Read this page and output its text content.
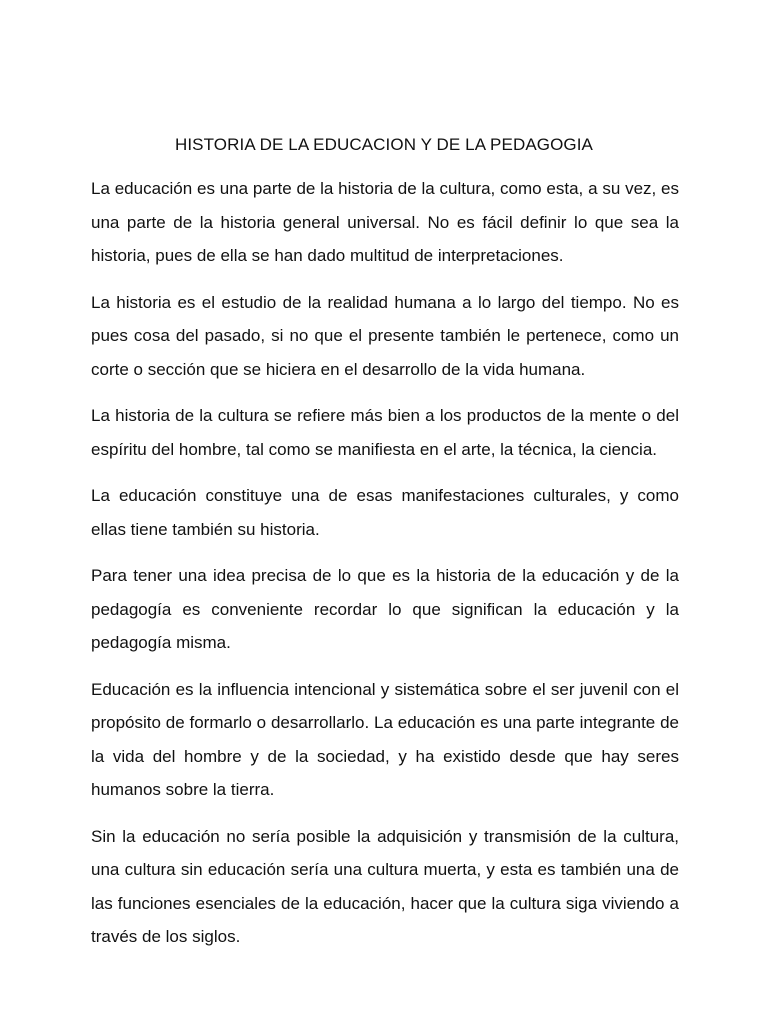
HISTORIA DE LA EDUCACION Y DE LA PEDAGOGIA

La educación es una parte de la historia de la cultura, como esta, a su vez, es una parte de la historia general universal. No es fácil definir lo que sea la historia, pues de ella se han dado multitud de interpretaciones.

La historia es el estudio de la realidad humana a lo largo del tiempo. No es pues cosa del pasado, si no que el presente también le pertenece, como un corte o sección que se hiciera en el desarrollo de la vida humana.

La historia de la cultura se refiere más bien a los productos de la mente o del espíritu del hombre, tal como se manifiesta en el arte, la técnica, la ciencia.

La educación constituye una de esas manifestaciones culturales, y como ellas tiene también su historia.

Para tener una idea precisa de lo que es la historia de la educación y de la pedagogía es conveniente recordar lo que significan la educación y la pedagogía misma.

Educación es la influencia intencional y sistemática sobre el ser juvenil con el propósito de formarlo o desarrollarlo. La educación es una parte integrante de la vida del hombre y de la sociedad, y ha existido desde que hay seres humanos sobre la tierra.

Sin la educación no sería posible la adquisición y transmisión de la cultura, una cultura sin educación sería una cultura muerta, y esta es también una de las funciones esenciales de la educación, hacer que la cultura siga viviendo a través de los siglos.
